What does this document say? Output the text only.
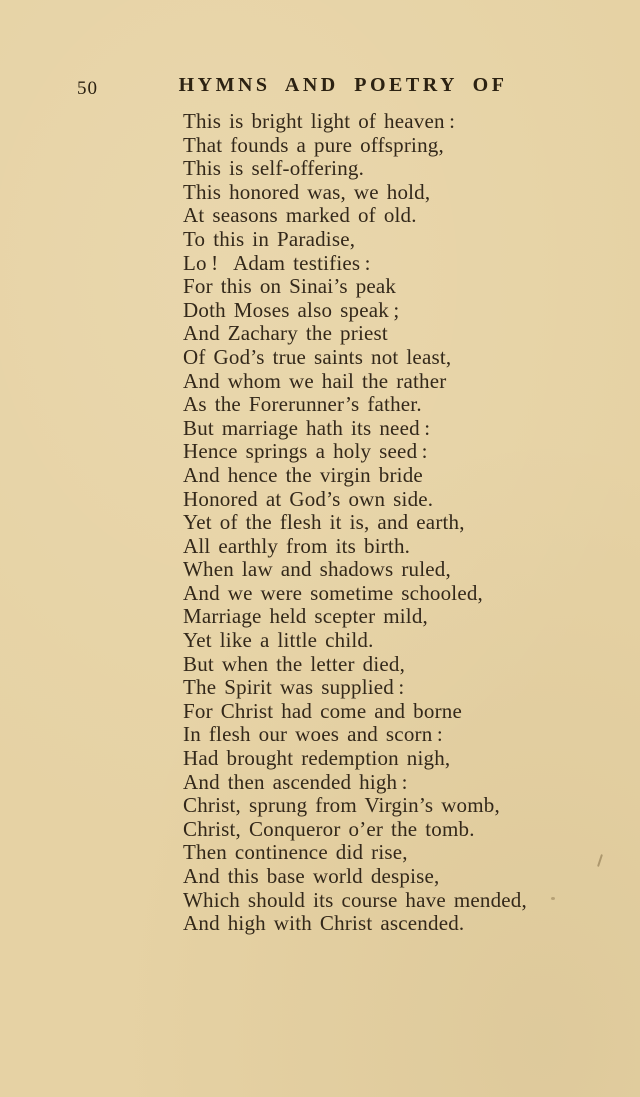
50	HYMNS AND POETRY OF
This is bright light of heaven :
That founds a pure offspring,
This is self-offering.
This honored was, we hold,
At seasons marked of old.
To this in Paradise,
Lo !  Adam testifies :
For this on Sinai’s peak
Doth Moses also speak ;
And Zachary the priest
Of God’s true saints not least,
And whom we hail the rather
As the Forerunner’s father.
But marriage hath its need :
Hence springs a holy seed :
And hence the virgin bride
Honored at God’s own side.
Yet of the flesh it is, and earth,
All earthly from its birth.
When law and shadows ruled,
And we were sometime schooled,
Marriage held scepter mild,
Yet like a little child.
But when the letter died,
The Spirit was supplied :
For Christ had come and borne
In flesh our woes and scorn :
Had brought redemption nigh,
And then ascended high :
Christ, sprung from Virgin’s womb,
Christ, Conqueror o’er the tomb.
Then continence did rise,
And this base world despise,
Which should its course have mended,
And high with Christ ascended.
